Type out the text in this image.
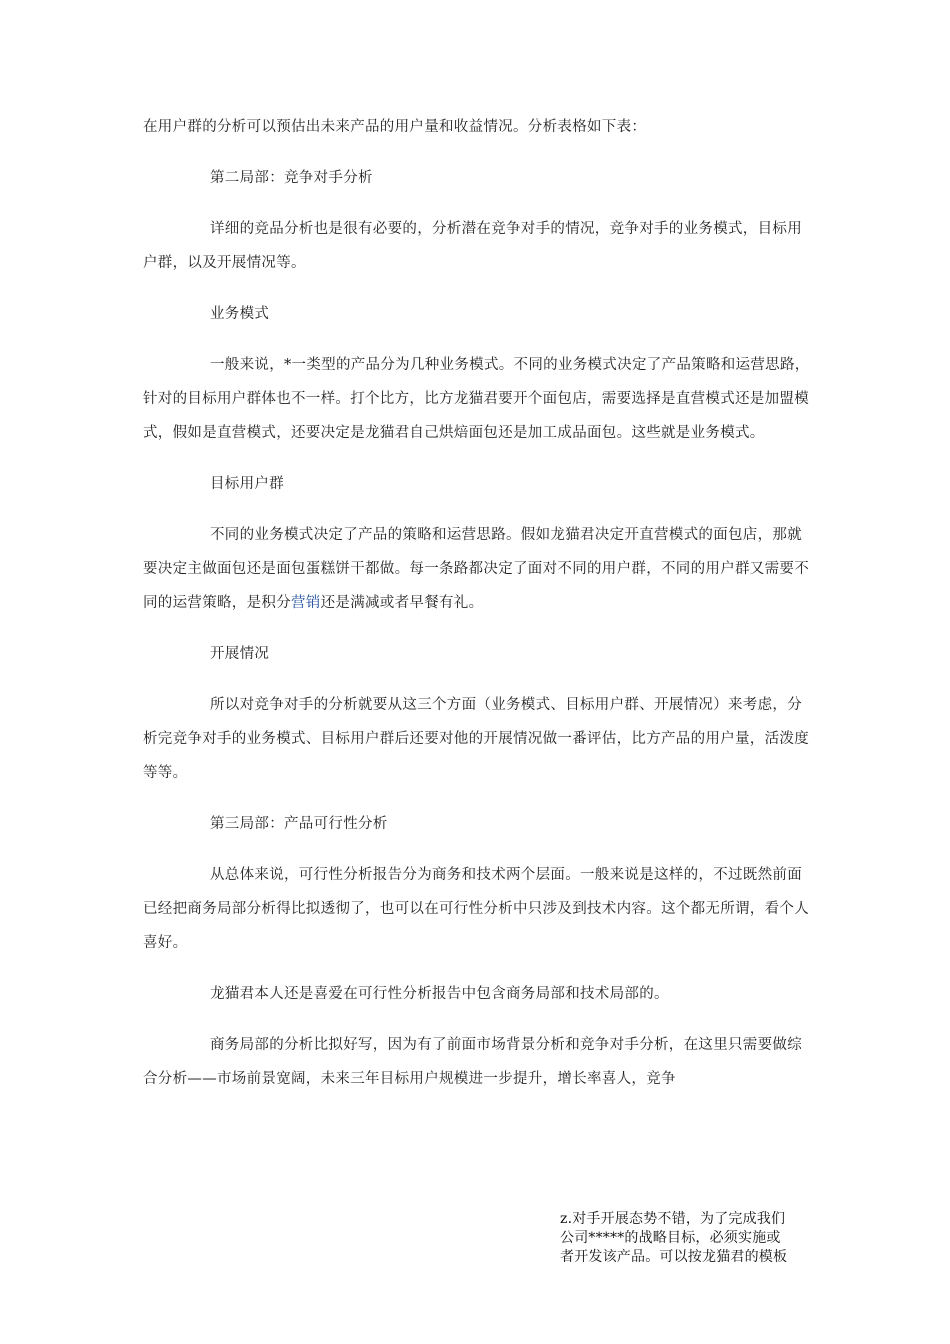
在用户群的分析可以预估出未来产品的用户量和收益情况。分析表格如下表：

第二局部：竞争对手分析

详细的竞品分析也是很有必要的，分析潜在竞争对手的情况，竞争对手的业务模式，目标用户群，以及开展情况等。

业务模式

一般来说，*一类型的产品分为几种业务模式。不同的业务模式决定了产品策略和运营思路，针对的目标用户群体也不一样。打个比方，比方龙猫君要开个面包店，需要选择是直营模式还是加盟模式，假如是直营模式，还要决定是龙猫君自己烘焙面包还是加工成品面包。这些就是业务模式。

目标用户群

不同的业务模式决定了产品的策略和运营思路。假如龙猫君决定开直营模式的面包店，那就要决定主做面包还是面包蛋糕饼干都做。每一条路都决定了面对不同的用户群，不同的用户群又需要不同的运营策略，是积分营销还是满减或者早餐有礼。

开展情况

所以对竞争对手的分析就要从这三个方面（业务模式、目标用户群、开展情况）来考虑，分析完竞争对手的业务模式、目标用户群后还要对他的开展情况做一番评估，比方产品的用户量，活泼度等等。

第三局部：产品可行性分析

从总体来说，可行性分析报告分为商务和技术两个层面。一般来说是这样的，不过既然前面已经把商务局部分析得比拟透彻了，也可以在可行性分析中只涉及到技术内容。这个都无所谓，看个人喜好。

龙猫君本人还是喜爱在可行性分析报告中包含商务局部和技术局部的。

商务局部的分析比拟好写，因为有了前面市场背景分析和竞争对手分析，在这里只需要做综合分析——市场前景宽阔，未来三年目标用户规模进一步提升，增长率喜人，竞争

z.对手开展态势不错，为了完成我们

公司*****的战略目标，必须实施或

者开发该产品。可以按龙猫君的模板
